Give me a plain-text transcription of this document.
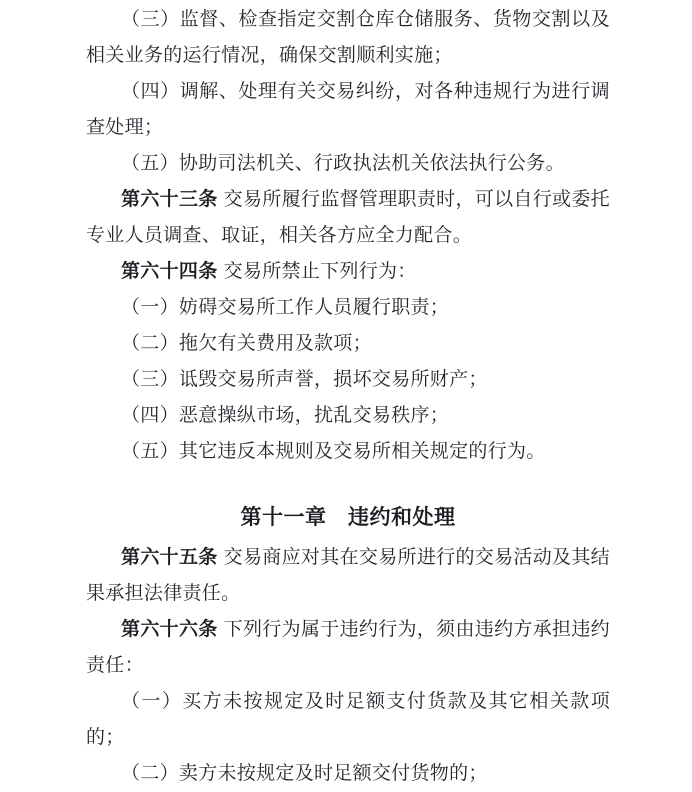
（三）监督、检查指定交割仓库仓储服务、货物交割以及相关业务的运行情况，确保交割顺利实施；

（四）调解、处理有关交易纠纷，对各种违规行为进行调查处理；

（五）协助司法机关、行政执法机关依法执行公务。

第六十三条 交易所履行监督管理职责时，可以自行或委托专业人员调查、取证，相关各方应全力配合。

第六十四条 交易所禁止下列行为：

（一）妨碍交易所工作人员履行职责；

（二）拖欠有关费用及款项；

（三）诋毁交易所声誉，损坏交易所财产；

（四）恶意操纵市场，扰乱交易秩序；

（五）其它违反本规则及交易所相关规定的行为。

第十一章　违约和处理

第六十五条 交易商应对其在交易所进行的交易活动及其结果承担法律责任。

第六十六条 下列行为属于违约行为，须由违约方承担违约责任：

（一）买方未按规定及时足额支付货款及其它相关款项的；

（二）卖方未按规定及时足额交付货物的；
